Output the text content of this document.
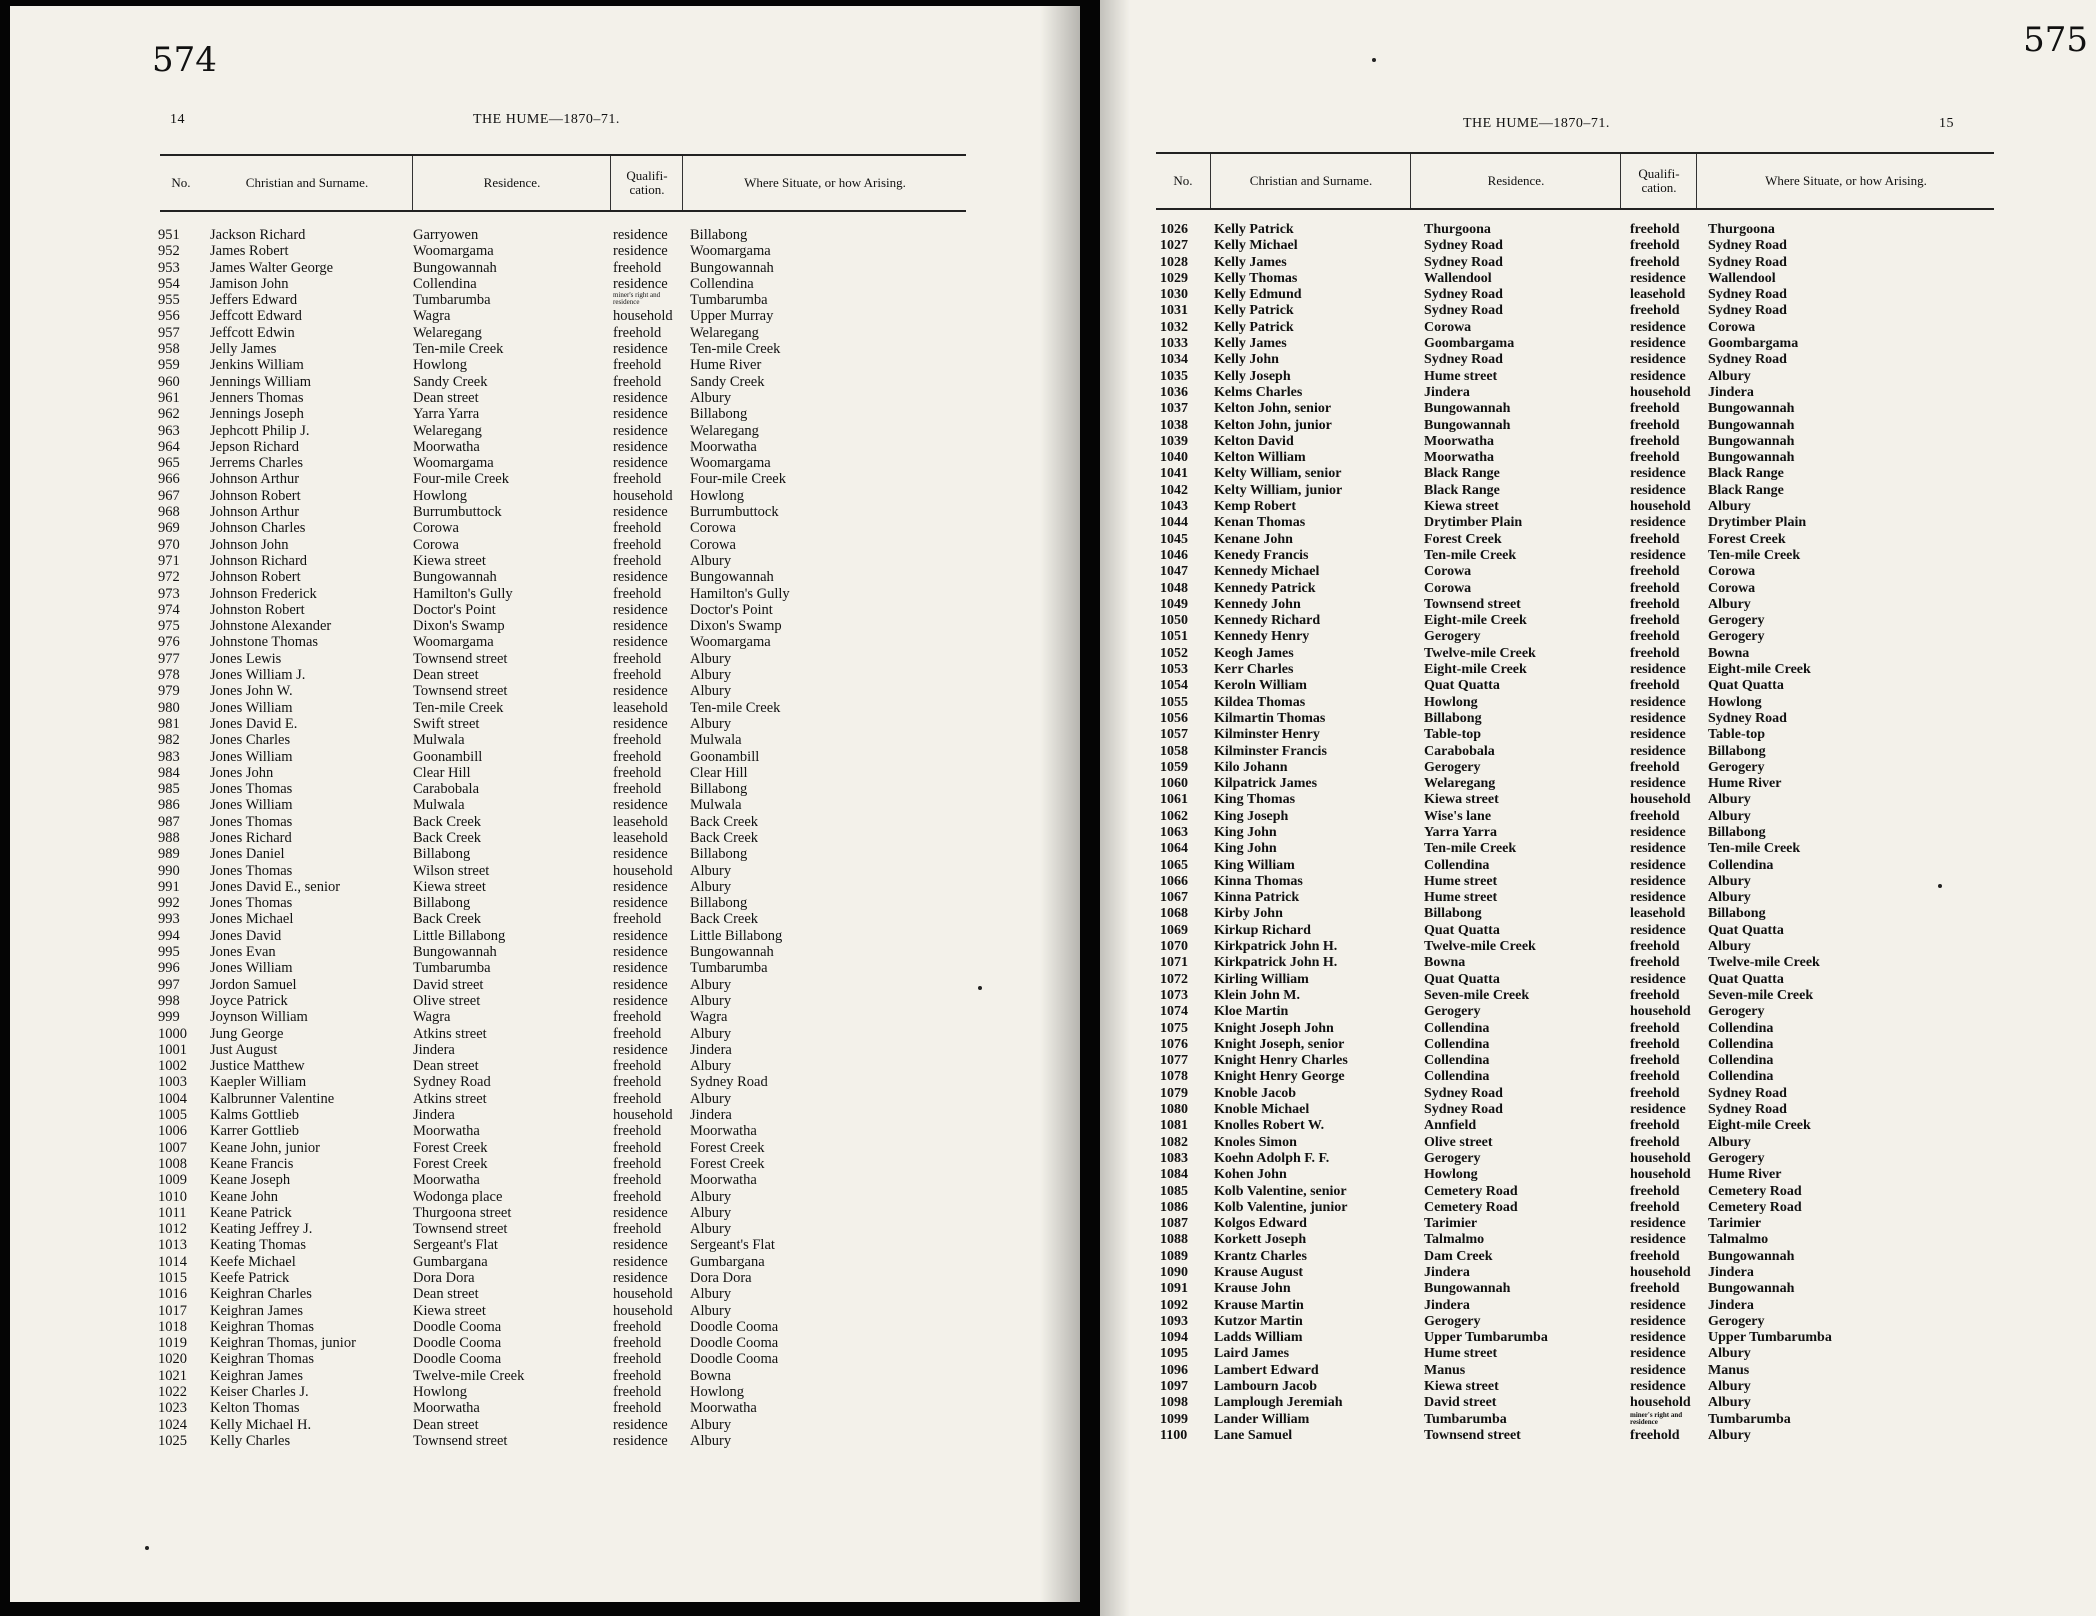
574
14	THE HUME—1870–71.
No.	Christian and Surname.	Residence.	Qualifi-cation.	Where Situate, or how Arising.
951	Jackson Richard	Garryowen	residence Billabong
952	James Robert	Woomargama	residence Woomargama
953	James Walter George	Bungowannah	freehold Bungowannah
954	Jamison John	Collendina	residence Collendina
955	Jeffers Edward	Tumbarumba	miner's right and residence	Tumbarumba
956	Jeffcott Edward	Wagra	household Upper Murray
957	Jeffcott Edwin	Welaregang	freehold Welaregang
958	Jelly James	Ten-mile Creek	residence Ten-mile Creek
959	Jenkins William	Howlong	freehold Hume River
960	Jennings William	Sandy Creek	freehold Sandy Creek
961	Jenners Thomas	Dean street	residence Albury
962	Jennings Joseph	Yarra Yarra	residence Billabong
963	Jephcott Philip J.	Welaregang	residence Welaregang
964	Jepson Richard	Moorwatha	residence Moorwatha
965	Jerrems Charles	Woomargama	residence Woomargama
966	Johnson Arthur	Four-mile Creek	freehold Four-mile Creek
967	Johnson Robert	Howlong	household Howlong
968	Johnson Arthur	Burrumbuttock	residence Burrumbuttock
969	Johnson Charles	Corowa	freehold Corowa
970	Johnson John	Corowa	freehold Corowa
971	Johnson Richard	Kiewa street	freehold Albury
972	Johnson Robert	Bungowannah	residence Bungowannah
973	Johnson Frederick	Hamilton's Gully	freehold Hamilton's Gully
974	Johnston Robert	Doctor's Point	residence Doctor's Point
975	Johnstone Alexander	Dixon's Swamp	residence Dixon's Swamp
976	Johnstone Thomas	Woomargama	residence Woomargama
977	Jones Lewis	Townsend street	freehold Albury
978	Jones William J.	Dean street	freehold Albury
979	Jones John W.	Townsend street	residence Albury
980	Jones William	Ten-mile Creek	leasehold Ten-mile Creek
981	Jones David E.	Swift street	residence Albury
982	Jones Charles	Mulwala	freehold Mulwala
983	Jones William	Goonambill	freehold Goonambill
984	Jones John	Clear Hill	freehold Clear Hill
985	Jones Thomas	Carabobala	freehold Billabong
986	Jones William	Mulwala	residence Mulwala
987	Jones Thomas	Back Creek	leasehold Back Creek
988	Jones Richard	Back Creek	leasehold Back Creek
989	Jones Daniel	Billabong	residence Billabong
990	Jones Thomas	Wilson street	household Albury
991	Jones David E., senior	Kiewa street	residence Albury
992	Jones Thomas	Billabong	residence Billabong
993	Jones Michael	Back Creek	freehold Back Creek
994	Jones David	Little Billabong	residence Little Billabong
995	Jones Evan	Bungowannah	residence Bungowannah
996	Jones William	Tumbarumba	residence Tumbarumba
997	Jordon Samuel	David street	residence Albury
998	Joyce Patrick	Olive street	residence Albury
999	Joynson William	Wagra	freehold Wagra
1000	Jung George	Atkins street	freehold Albury
1001	Just August	Jindera	residence Jindera
1002	Justice Matthew	Dean street	freehold Albury
1003	Kaepler William	Sydney Road	freehold Sydney Road
1004	Kalbrunner Valentine	Atkins street	freehold Albury
1005	Kalms Gottlieb	Jindera	household Jindera
1006	Karrer Gottlieb	Moorwatha	freehold Moorwatha
1007	Keane John, junior	Forest Creek	freehold Forest Creek
1008	Keane Francis	Forest Creek	freehold Forest Creek
1009	Keane Joseph	Moorwatha	freehold Moorwatha
1010	Keane John	Wodonga place	freehold Albury
1011	Keane Patrick	Thurgoona street	residence Albury
1012	Keating Jeffrey J.	Townsend street	freehold Albury
1013	Keating Thomas	Sergeant's Flat	residence Sergeant's Flat
1014	Keefe Michael	Gumbargana	residence Gumbargana
1015	Keefe Patrick	Dora Dora	residence Dora Dora
1016	Keighran Charles	Dean street	household Albury
1017	Keighran James	Kiewa street	household Albury
1018	Keighran Thomas	Doodle Cooma	freehold Doodle Cooma
1019	Keighran Thomas, junior	Doodle Cooma	freehold Doodle Cooma
1020	Keighran Thomas	Doodle Cooma	freehold Doodle Cooma
1021	Keighran James	Twelve-mile Creek	freehold Bowna
1022	Keiser Charles J.	Howlong	freehold Howlong
1023	Kelton Thomas	Moorwatha	freehold Moorwatha
1024	Kelly Michael H.	Dean street	residence Albury
1025	Kelly Charles	Townsend street	residence Albury
575
THE HUME—1870–71.	15
No.	Christian and Surname.	Residence.	Qualifi-cation.	Where Situate, or how Arising.
1026	Kelly Patrick	Thurgoona	freehold Thurgoona
1027	Kelly Michael	Sydney Road	freehold Sydney Road
1028	Kelly James	Sydney Road	freehold Sydney Road
1029	Kelly Thomas	Wallendool	residence Wallendool
1030	Kelly Edmund	Sydney Road	leasehold Sydney Road
1031	Kelly Patrick	Sydney Road	freehold Sydney Road
1032	Kelly Patrick	Corowa	residence Corowa
1033	Kelly James	Goombargama	residence Goombargama
1034	Kelly John	Sydney Road	residence Sydney Road
1035	Kelly Joseph	Hume street	residence Albury
1036	Kelms Charles	Jindera	household Jindera
1037	Kelton John, senior	Bungowannah	freehold Bungowannah
1038	Kelton John, junior	Bungowannah	freehold Bungowannah
1039	Kelton David	Moorwatha	freehold Bungowannah
1040	Kelton William	Moorwatha	freehold Bungowannah
1041	Kelty William, senior	Black Range	residence Black Range
1042	Kelty William, junior	Black Range	residence Black Range
1043	Kemp Robert	Kiewa street	household Albury
1044	Kenan Thomas	Drytimber Plain	residence Drytimber Plain
1045	Kenane John	Forest Creek	freehold Forest Creek
1046	Kenedy Francis	Ten-mile Creek	residence Ten-mile Creek
1047	Kennedy Michael	Corowa	freehold Corowa
1048	Kennedy Patrick	Corowa	freehold Corowa
1049	Kennedy John	Townsend street	freehold Albury
1050	Kennedy Richard	Eight-mile Creek	freehold Gerogery
1051	Kennedy Henry	Gerogery	freehold Gerogery
1052	Keogh James	Twelve-mile Creek	freehold Bowna
1053	Kerr Charles	Eight-mile Creek	residence Eight-mile Creek
1054	Keroln William	Quat Quatta	freehold Quat Quatta
1055	Kildea Thomas	Howlong	residence Howlong
1056	Kilmartin Thomas	Billabong	residence Sydney Road
1057	Kilminster Henry	Table-top	residence Table-top
1058	Kilminster Francis	Carabobala	residence Billabong
1059	Kilo Johann	Gerogery	freehold Gerogery
1060	Kilpatrick James	Welaregang	residence Hume River
1061	King Thomas	Kiewa street	household Albury
1062	King Joseph	Wise's lane	freehold Albury
1063	King John	Yarra Yarra	residence Billabong
1064	King John	Ten-mile Creek	residence Ten-mile Creek
1065	King William	Collendina	residence Collendina
1066	Kinna Thomas	Hume street	residence Albury
1067	Kinna Patrick	Hume street	residence Albury
1068	Kirby John	Billabong	leasehold Billabong
1069	Kirkup Richard	Quat Quatta	residence Quat Quatta
1070	Kirkpatrick John H.	Twelve-mile Creek	freehold Albury
1071	Kirkpatrick John H.	Bowna	freehold Twelve-mile Creek
1072	Kirling William	Quat Quatta	residence Quat Quatta
1073	Klein John M.	Seven-mile Creek	freehold Seven-mile Creek
1074	Kloe Martin	Gerogery	household Gerogery
1075	Knight Joseph John	Collendina	freehold Collendina
1076	Knight Joseph, senior	Collendina	freehold Collendina
1077	Knight Henry Charles	Collendina	freehold Collendina
1078	Knight Henry George	Collendina	freehold Collendina
1079	Knoble Jacob	Sydney Road	freehold Sydney Road
1080	Knoble Michael	Sydney Road	residence Sydney Road
1081	Knolles Robert W.	Annfield	freehold Eight-mile Creek
1082	Knoles Simon	Olive street	freehold Albury
1083	Koehn Adolph F. F.	Gerogery	household Gerogery
1084	Kohen John	Howlong	household Hume River
1085	Kolb Valentine, senior	Cemetery Road	freehold Cemetery Road
1086	Kolb Valentine, junior	Cemetery Road	freehold Cemetery Road
1087	Kolgos Edward	Tarimier	residence Tarimier
1088	Korkett Joseph	Talmalmo	residence Talmalmo
1089	Krantz Charles	Dam Creek	freehold Bungowannah
1090	Krause August	Jindera	household Jindera
1091	Krause John	Bungowannah	freehold Bungowannah
1092	Krause Martin	Jindera	residence Jindera
1093	Kutzor Martin	Gerogery	residence Gerogery
1094	Ladds William	Upper Tumbarumba	residence Upper Tumbarumba
1095	Laird James	Hume street	residence Albury
1096	Lambert Edward	Manus	residence Manus
1097	Lambourn Jacob	Kiewa street	residence Albury
1098	Lamplough Jeremiah	David street	household Albury
1099	Lander William	Tumbarumba	miner's right and residence	Tumbarumba
1100	Lane Samuel	Townsend street	freehold Albury
